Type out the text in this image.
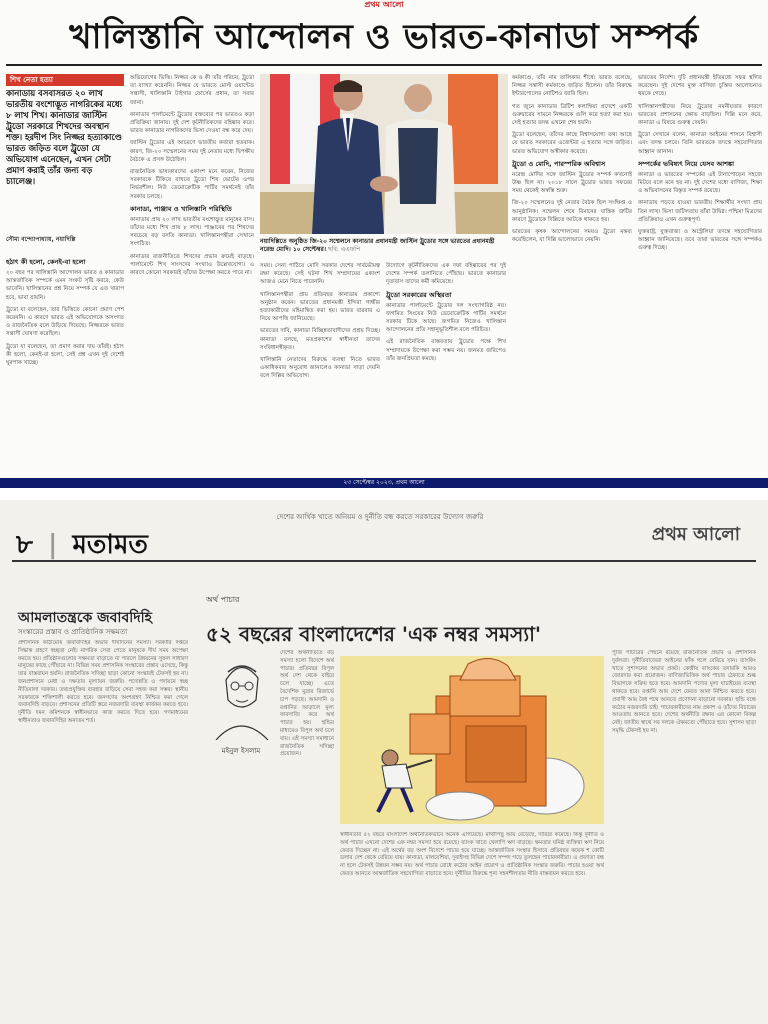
প্রথম আলো
খালিস্তানি আন্দোলন ও ভারত-কানাডা সম্পর্ক
শিখ নেতা হত্যা
কানাডায় বসবাসরত ২০ লাখ ভারতীয় বংশোদ্ভূত নাগরিকের মধ্যে ৮ লাখ শিখ। কানাডার জাস্টিন ট্রুডো সরকারে শিখদের অবস্থান শক্ত। হরদীপ সিং নিজ্জর হত্যাকাণ্ডে ভারত জড়িত বলে ট্রুডো যে অভিযোগ এনেছেন, এখন সেটা প্রমাণ করাই তাঁর জন্য বড় চ্যালেঞ্জ।
সৌম্য বন্দ্যোপাধ্যায়, নয়াদিল্লি
হঠাৎ কী হলো, কেনই-বা হলো

২০ বছর পর খালিস্তানি আন্দোলন ভারত ও কানাডার আন্তর্জাতিক সম্পর্কে এমন সংকট সৃষ্টি করবে, কেউ ভাবেনি। খালিস্তানের প্রশ্ন নিয়ে সম্পর্ক যে এত খারাপ হবে, ভাবা যায়নি।

ট্রুডো যা বলেছেন, তার ভিত্তিতে কোনো প্রমাণ পেশ করেননি। এ কারণে ভারত এই অভিযোগকে অসংগত ও রাজনৈতিক বলে উড়িয়ে দিয়েছে। নিজ্জরকে ভারত সন্ত্রাসী ঘোষণা করেছিল।

ট্রুডো যা বলেছেন, তা প্রমাণ করার দায় তাঁরই। হঠাৎ কী হলো, কেনই-বা হলো, সেই প্রশ্ন এখন দুই দেশেই ঘুরপাক খাচ্ছে।

অভিযোগের ভিত্তি। নিজ্জর কে ও কী তাঁর পরিচয়, ট্রুডো তা ব্যাখ্যা করেননি। নিজ্জর যে ভারতে মোস্ট ওয়ান্টেড সন্ত্রাসী, খালিস্তানি টাইগার ফোর্সের প্রধান, তা সবার জানা।

কানাডার পার্লামেন্টে ট্রুডোর বক্তব্যের পর ভারতও কড়া প্রতিক্রিয়া জানায়। দুই দেশ কূটনীতিকদের বহিষ্কার করে। ভারত কানাডার নাগরিকদের ভিসা দেওয়া বন্ধ করে দেয়।

জাস্টিন ট্রুডোর এই আচরণে ভারতীয় কর্তারা হতবাক। কারণ, জি-২০ সম্মেলনের সময় দুই নেতার মধ্যে দ্বিপক্ষীয় বৈঠকে এ প্রসঙ্গ উঠেছিল।

রাজনৈতিক ভাষ্যকারদের একাংশ মনে করেন, নিজের সরকারকে টিকিয়ে রাখতে ট্রুডো শিখ ভোটের ওপর নির্ভরশীল। নিউ ডেমোক্রেটিক পার্টির সমর্থনেই তাঁর সরকার চলছে।

কানাডা, পাঞ্জাব ও খালিস্তানি পরিস্থিতি

কানাডায় প্রায় ২০ লাখ ভারতীয় বংশোদ্ভূত মানুষের বাস। তাঁদের মধ্যে শিখ প্রায় ৮ লাখ। পাঞ্জাবের পর শিখদের সবচেয়ে বড় বসতি কানাডা। খালিস্তানপন্থীরা সেখানে সংগঠিত।

কানাডার রাজনীতিতে শিখদের প্রভাব ক্রমেই বাড়ছে। পার্লামেন্টে শিখ সাংসদের সংখ্যাও উল্লেখযোগ্য। এ কারণে কোনো সরকারই তাঁদের উপেক্ষা করতে পারে না।

নয়াদিল্লিতে অনুষ্ঠিত জি-২০ সম্মেলনে কানাডার প্রধানমন্ত্রী জাস্টিন ট্রুডোর সঙ্গে ভারতের প্রধানমন্ত্রী নরেন্দ্র মোদি। ১০ সেপ্টেম্বর। ছবি: এএফপি

সময়। সেনা পাঠিয়ে মোদি সরকার দেশের সার্বভৌমত্ব রক্ষা করেছে। সেই ঘটনা শিখ সম্প্রদায়ের একাংশ আজও মেনে নিতে পারেননি।

খালিস্তানপন্থীরা প্রায় প্রতিবছর কানাডায় প্রকাশ্যে অনুষ্ঠান করেন। ভারতের প্রধানমন্ত্রী ইন্দিরা গান্ধীর হত্যাকারীদের মহিমান্বিত করা হয়। ভারত বারবার এ নিয়ে আপত্তি জানিয়েছে।

ভারতের দাবি, কানাডা বিচ্ছিন্নতাবাদীদের প্রশ্রয় দিচ্ছে। কানাডা বলছে, মতপ্রকাশের স্বাধীনতা তাদের সংবিধানস্বীকৃত।

খালিস্তানি নেতাদের বিরুদ্ধে ব্যবস্থা নিতে ভারত একাধিকবার অনুরোধ জানালেও কানাডা সাড়া দেয়নি বলে দিল্লির অভিযোগ।

উদ্যোগে কূটনীতিকদের এক দফা বহিষ্কারের পর দুই দেশের সম্পর্ক তলানিতে পৌঁছায়। ভারতে কানাডার দূতাবাস তাদের কর্মী কমিয়েছে।

ট্রুডো সরকারের অস্থিরতা

কানাডার পার্লামেন্টে ট্রুডোর দল সংখ্যাগরিষ্ঠ নয়। জগমিত সিংয়ের নিউ ডেমোক্রেটিক পার্টির সমর্থনে সরকার টিকে আছে। জগমিত নিজেও খালিস্তান আন্দোলনের প্রতি সহানুভূতিশীল বলে পরিচিত।

এই রাজনৈতিক বাস্তবতায় ট্রুডোর পক্ষে শিখ সম্প্রদায়কে উপেক্ষা করা সম্ভব নয়। জনমত জরিপেও তাঁর জনপ্রিয়তা কমছে।

কর্মকাণ্ডে, তাঁর নাম তালিকায় শীর্ষে। ভারত বলেছে, নিজ্জর সন্ত্রাসী কর্মকাণ্ডে জড়িত ছিলেন। তাঁর বিরুদ্ধে ইন্টারপোলের নোটিশও জারি ছিল।

গত জুনে কানাডার ব্রিটিশ কলাম্বিয়া প্রদেশে একটি গুরুদ্বারের সামনে নিজ্জরকে গুলি করে হত্যা করা হয়। সেই হত্যার তদন্ত এখনো শেষ হয়নি।

ট্রুডো বলেছেন, তাঁদের কাছে বিশ্বাসযোগ্য তথ্য আছে যে ভারত সরকারের এজেন্টরা এ হত্যার সঙ্গে জড়িত। ভারত অভিযোগ অস্বীকার করেছে।

ট্রুডো ও মোদি, পারস্পরিক অবিশ্বাস

নরেন্দ্র মোদির সঙ্গে জাস্টিন ট্রুডোর সম্পর্ক কখনোই উষ্ণ ছিল না। ২০১৮ সালে ট্রুডোর ভারত সফরের সময় থেকেই অস্বস্তি শুরু।

জি-২০ সম্মেলনেও দুই নেতার বৈঠক ছিল সংক্ষিপ্ত ও আনুষ্ঠানিক। সম্মেলন শেষে বিমানের যান্ত্রিক ত্রুটির কারণে ট্রুডোকে দিল্লিতে আটকে থাকতে হয়।

ভারতের কৃষক আন্দোলনের সময়ও ট্রুডো মন্তব্য করেছিলেন, যা দিল্লি ভালোভাবে নেয়নি।

ভারতের নির্দেশ। দুটি প্রধানমন্ত্রী ইতিমধ্যে সফর স্থগিত করেছেন। দুই দেশের মুক্ত বাণিজ্য চুক্তির আলোচনাও থমকে গেছে।

খালিস্তানপন্থীদের নিয়ে ট্রুডোর নমনীয়তার কারণে ভারতের প্রশাসনের ক্ষোভ বাড়ছিল। দিল্লি মনে করে, কানাডা এ বিষয়ে গুরুত্ব দেয়নি।

ট্রুডো সেখানে বলেন, কানাডা আইনের শাসনে বিশ্বাসী এবং তদন্ত চলবে। তিনি ভারতকে তদন্তে সহযোগিতার আহ্বান জানান।

সম্পর্কের ভবিষ্যৎ নিয়ে যেসব আশঙ্কা

কানাডা ও ভারতের সম্পর্কের এই টানাপোড়েন সহজে মিটবে বলে মনে হয় না। দুই দেশের মধ্যে বাণিজ্য, শিক্ষা ও অভিবাসনের বিস্তৃত সম্পর্ক রয়েছে।

কানাডায় পড়তে যাওয়া ভারতীয় শিক্ষার্থীর সংখ্যা প্রায় তিন লাখ। ভিসা জটিলতায় তাঁরা উদ্বিগ্ন। পশ্চিমা মিত্রদের প্রতিক্রিয়াও এখন গুরুত্বপূর্ণ।

যুক্তরাষ্ট্র, যুক্তরাজ্য ও অস্ট্রেলিয়া তদন্তে সহযোগিতার আহ্বান জানিয়েছে। তবে তারা ভারতের সঙ্গে সম্পর্কও গুরুত্ব দিচ্ছে।

২৩ সেপ্টেম্বর ২০২৩, প্রথম আলো
৮ | মতামত
দেশের আর্থিক খাতে অনিয়ম ও দুর্নীতি বন্ধ করতে সরকারের উদ্যোগ জরুরি
প্রথম আলো
আমলাতন্ত্রকে জবাবদিহি
সংস্কারের প্রস্তাব ও প্রাতিষ্ঠানিক সক্ষমতা
প্রশাসনিক কাঠামোয় জবাবদিহির অভাব দীর্ঘদিনের সমস্যা। সরকারি দপ্তরে সিদ্ধান্ত গ্রহণে স্বচ্ছতা নেই। নাগরিক সেবা পেতে মানুষকে দীর্ঘ সময় অপেক্ষা করতে হয়। প্রতিষ্ঠানগুলোর সক্ষমতা বাড়াতে না পারলে উন্নয়নের সুফল সাধারণ মানুষের কাছে পৌঁছাবে না। বিভিন্ন সময় প্রশাসনিক সংস্কারের প্রস্তাব এসেছে, কিন্তু তার বাস্তবায়ন হয়নি। রাজনৈতিক সদিচ্ছা ছাড়া কোনো সংস্কারই টেকসই হয় না। জনপ্রশাসনে মেধা ও দক্ষতার মূল্যায়ন জরুরি। পদোন্নতি ও পদায়নে স্বচ্ছ নীতিমালা দরকার। তথ্যপ্রযুক্তির ব্যবহার বাড়িয়ে সেবা সহজ করা সম্ভব। স্থানীয় সরকারকে শক্তিশালী করতে হবে। জনগণের অংশগ্রহণ নিশ্চিত করা গেলে জবাবদিহি বাড়বে। প্রশাসনের প্রতিটি স্তরে নজরদারি ব্যবস্থা কার্যকর করতে হবে। দুর্নীতি দমন কমিশনকে স্বাধীনভাবে কাজ করতে দিতে হবে। গণমাধ্যমের স্বাধীনতাও জবাবদিহির অন্যতম শর্ত।
অর্থ পাচার
৫২ বছরের বাংলাদেশের 'এক নম্বর সমস্যা'
মইনুল ইসলাম
দেশের অর্থনীতিতে বড় সমস্যা হলো বিদেশে অর্থ পাচার। প্রতিবছর বিপুল অর্থ দেশ থেকে বাইরে চলে যাচ্ছে। এতে বৈদেশিক মুদ্রার রিজার্ভে চাপ পড়ছে। আমদানি ও রপ্তানির আড়ালে মূল্য কারসাজি করে অর্থ পাচার হয়। হুন্ডির মাধ্যমেও বিপুল অর্থ চলে যায়। এই সমস্যা সমাধানে রাজনৈতিক সদিচ্ছা প্রয়োজন।
স্বাধীনতার ৫২ বছরে বাংলাদেশ অর্থনৈতিকভাবে অনেক এগিয়েছে। মাথাপিছু আয় বেড়েছে, দারিদ্র্য কমেছে। কিন্তু দুর্নীতি ও অর্থ পাচার এখনো দেশের এক নম্বর সমস্যা হয়ে রয়েছে। ব্যাংক খাতে খেলাপি ঋণ বাড়ছে। ক্ষমতার ঘনিষ্ঠ ব্যক্তিরা ঋণ নিয়ে ফেরত দিচ্ছেন না। এই অর্থের বড় অংশ বিদেশে পাচার হয়ে যাচ্ছে। আন্তর্জাতিক সংস্থার হিসাবে প্রতিবছর কয়েক শ কোটি ডলার দেশ থেকে বেরিয়ে যায়। কানাডা, মালয়েশিয়া, দুবাইসহ বিভিন্ন দেশে সম্পদ গড়ে তুলছেন পাচারকারীরা। এ প্রবণতা বন্ধ না হলে টেকসই উন্নয়ন সম্ভব নয়। অর্থ পাচার রোধে কঠোর আইন প্রয়োগ ও প্রাতিষ্ঠানিক সংস্কার জরুরি। পাচার হওয়া অর্থ ফেরত আনতে আন্তর্জাতিক সহযোগিতা বাড়াতে হবে। দুর্নীতির বিরুদ্ধে শূন্য সহনশীলতার নীতি বাস্তবায়ন করতে হবে।
পুঁজি পাচারের পেছনে রয়েছে রাজনৈতিক প্রভাব ও প্রশাসনিক দুর্বলতা। দুর্নীতিবাজেরা আইনের ফাঁক গলে বেরিয়ে যান। ব্যাংকিং খাতে সুশাসনের অভাব প্রকট। কেন্দ্রীয় ব্যাংকের তদারকি আরও জোরদার করা প্রয়োজন। বাণিজ্যভিত্তিক অর্থ পাচার ঠেকাতে শুল্ক বিভাগকে সক্রিয় হতে হবে। আমদানি পণ্যের মূল্য যাচাইয়ের ব্যবস্থা থাকতে হবে। রপ্তানি আয় দেশে ফেরত আনা নিশ্চিত করতে হবে। প্রবাসী আয় বৈধ পথে আনতে প্রণোদনা বাড়ানো দরকার। হুন্ডি বন্ধে কঠোর নজরদারি চাই। পাচারকারীদের নাম প্রকাশ ও তাঁদের বিচারের আওতায় আনতে হবে। দেশের অর্থনীতি রক্ষায় এর কোনো বিকল্প নেই। জাতীয় স্বার্থে সব দলকে ঐকমত্যে পৌঁছাতে হবে। সুশাসন ছাড়া সমৃদ্ধি টেকসই হয় না।
